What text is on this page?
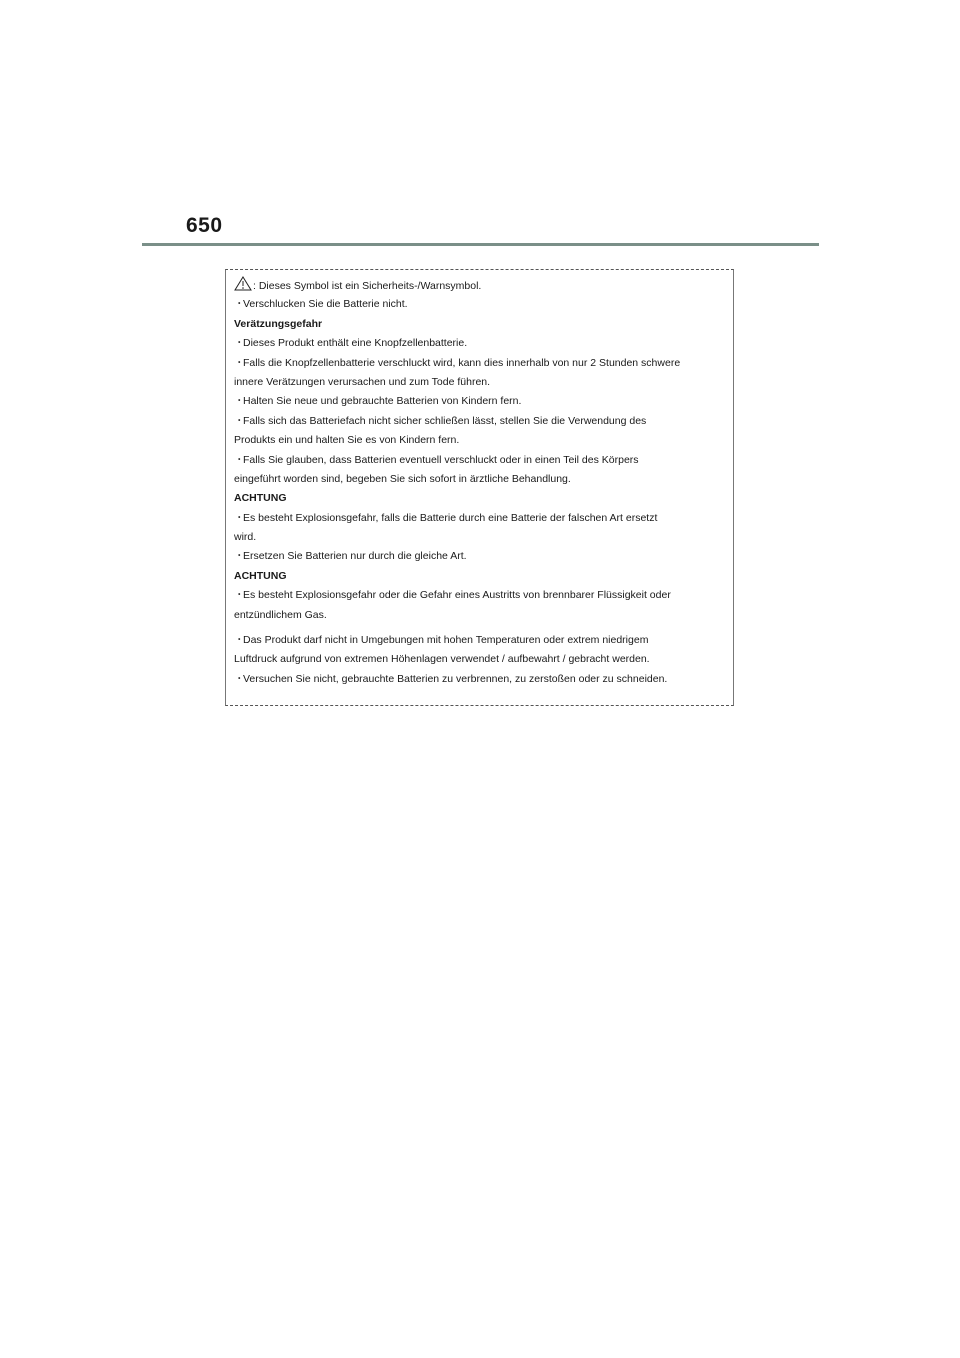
650
: Dieses Symbol ist ein Sicherheits-/Warnsymbol.
・Verschlucken Sie die Batterie nicht.
Verätzungsgefahr
・Dieses Produkt enthält eine Knopfzellenbatterie.
・Falls die Knopfzellenbatterie verschluckt wird, kann dies innerhalb von nur 2 Stunden schwere
innere Verätzungen verursachen und zum Tode führen.
・Halten Sie neue und gebrauchte Batterien von Kindern fern.
・Falls sich das Batteriefach nicht sicher schließen lässt, stellen Sie die Verwendung des
Produkts ein und halten Sie es von Kindern fern.
・Falls Sie glauben, dass Batterien eventuell verschluckt oder in einen Teil des Körpers
eingeführt worden sind, begeben Sie sich sofort in ärztliche Behandlung.
ACHTUNG
・Es besteht Explosionsgefahr, falls die Batterie durch eine Batterie der falschen Art ersetzt
wird.
・Ersetzen Sie Batterien nur durch die gleiche Art.
ACHTUNG
・Es besteht Explosionsgefahr oder die Gefahr eines Austritts von brennbarer Flüssigkeit oder
entzündlichem Gas.
・Das Produkt darf nicht in Umgebungen mit hohen Temperaturen oder extrem niedrigem
Luftdruck aufgrund von extremen Höhenlagen verwendet / aufbewahrt / gebracht werden.
・Versuchen Sie nicht, gebrauchte Batterien zu verbrennen, zu zerstoßen oder zu schneiden.
